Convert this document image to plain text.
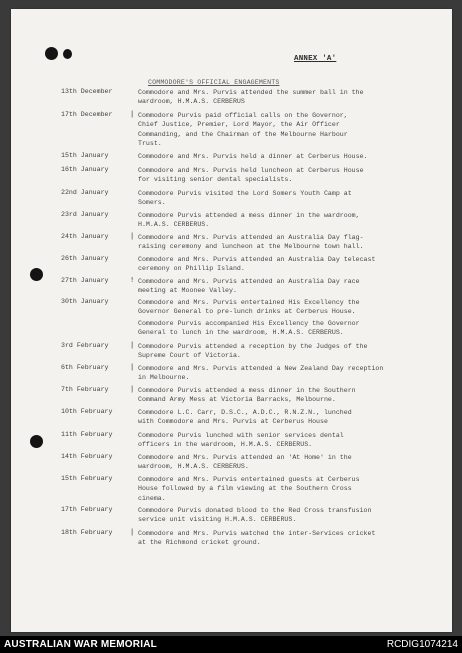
ANNEX 'A'
COMMODORE'S OFFICIAL ENGAGEMENTS
13th December	Commodore and Mrs. Purvis attended the summer ball in the
wardroom, H.M.A.S. CERBERUS
17th December	| Commodore Purvis paid official calls on the Governor,
Chief Justice, Premier, Lord Mayor, the Air Officer
Commanding, and the Chairman of the Melbourne Harbour
Trust.
15th January	Commodore and Mrs. Purvis held a dinner at Cerberus House.
16th January	Commodore and Mrs. Purvis held luncheon at Cerberus House
for visiting senior dental specialists.
22nd January	Commodore Purvis visited the Lord Somers Youth Camp at
Somers.
23rd January	Commodore Purvis attended a mess dinner in the wardroom,
H.M.A.S. CERBERUS.
24th January	| Commodore and Mrs. Purvis attended an Australia Day flag-
raising ceremony and luncheon at the Melbourne town hall.
26th January	Commodore and Mrs. Purvis attended an Australia Day telecast
ceremony on Phillip Island.
27th January	! Commodore and Mrs. Purvis attended an Australia Day race
meeting at Moonee Valley.
30th January	Commodore and Mrs. Purvis entertained His Excellency the
Governor General to pre-lunch drinks at Cerberus House.
Commodore Purvis accompanied His Excellency the Governor
General to lunch in the wardroom, H.M.A.S. CERBERUS.
3rd February	| Commodore Purvis attended a reception by the Judges of the
Supreme Court of Victoria.
6th February	| Commodore and Mrs. Purvis attended a New Zealand Day reception
in Melbourne.
7th February	| Commodore Purvis attended a mess dinner in the Southern
Command Army Mess at Victoria Barracks, Melbourne.
10th February	Commodore L.C. Carr, D.S.C., A.D.C., R.N.Z.N., lunched
with Commodore and Mrs. Purvis at Cerberus House
11th February	Commodore Purvis lunched with senior services dental
officers in the wardroom, H.M.A.S. CERBERUS.
14th February	Commodore and Mrs. Purvis attended an 'At Home' in the
wardroom, H.M.A.S. CERBERUS.
15th February	Commodore and Mrs. Purvis entertained guests at Cerberus
House followed by a film viewing at the Southern Cross
cinema.
17th February	Commodore Purvis donated blood to the Red Cross transfusion
service unit visiting H.M.A.S. CERBERUS.
18th February	| Commodore and Mrs. Purvis watched the inter-Services cricket
at the Richmond cricket ground.
AUSTRALIAN WAR MEMORIAL	RCDIG1074214
